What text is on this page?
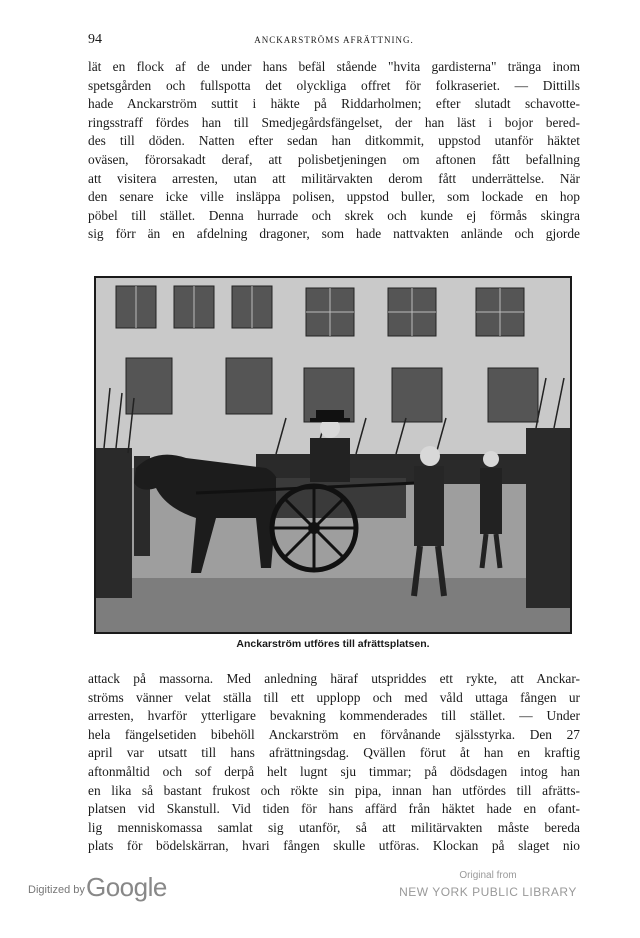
94	ANCKARSTRÖMS AFRÄTTNING.
lät en flock af de under hans befäl stående "hvita gardisterna" tränga inom
spetsgården och fullspotta det olyckliga offret för folkraseriet. — Dittills
hade Anckarström suttit i häkte på Riddarholmen; efter slutadt schavotte-
ringsstraff fördes han till Smedjegårdsfängelset, der han läst i bojor bered-
des till döden. Natten efter sedan han ditkommit, uppstod utanför häktet
oväsen, förorsakadt deraf, att polisbetjeningen om aftonen fått befallning
att visitera arresten, utan att militärvakten derom fått underrättelse. När
den senare icke ville insläppa polisen, uppstod buller, som lockade en hop
pöbel till stället. Denna hurrade och skrek och kunde ej förmås skingra
sig förr än en afdelning dragoner, som hade nattvakten anlände och gjorde
Anckarström utföres till afrättsplatsen.
attack på massorna. Med anledning häraf utspriddes ett rykte, att Anckar-
ströms vänner velat ställa till ett upplopp och med våld uttaga fången ur
arresten, hvarför ytterligare bevakning kommenderades till stället. — Under
hela fängelsetiden bibehöll Anckarström en förvånande själsstyrka. Den 27
april var utsatt till hans afrättningsdag. Qvällen förut åt han en kraftig
aftonmåltid och sof derpå helt lugnt sju timmar; på dödsdagen intog han
en lika så bastant frukost och rökte sin pipa, innan han utfördes till afrätts-
platsen vid Skanstull. Vid tiden för hans affärd från häktet hade en ofant-
lig menniskomassa samlat sig utanför, så att militärvakten måste bereda
plats för bödelskärran, hvari fången skulle utföras. Klockan på slaget nio
Digitized by Google	Original from
NEW YORK PUBLIC LIBRARY
